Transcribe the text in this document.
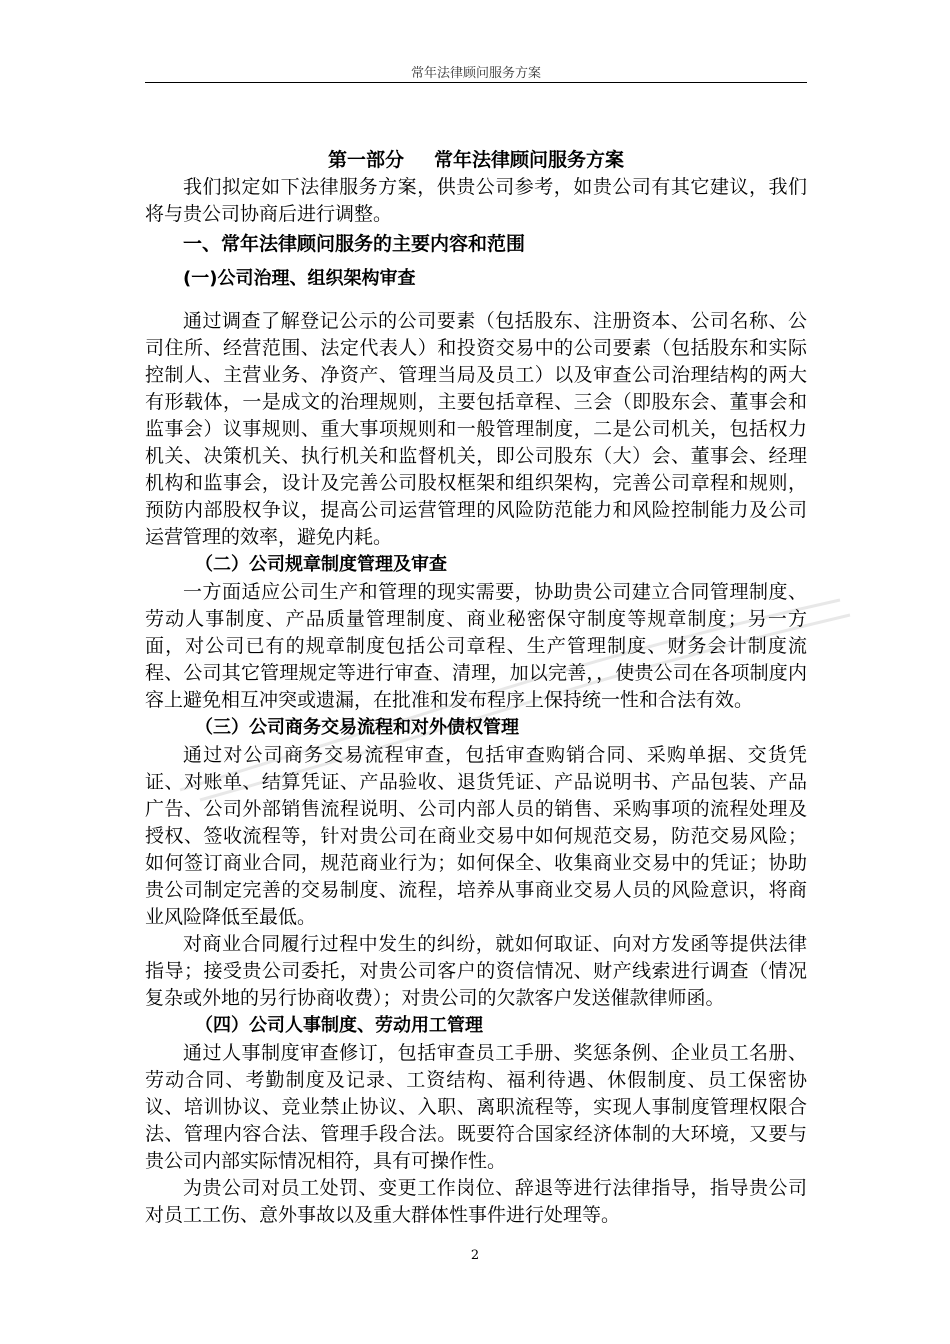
常年法律顾问服务方案

第一部分 常年法律顾问服务方案

我们拟定如下法律服务方案，供贵公司参考，如贵公司有其它建议，我们将与贵公司协商后进行调整。

一、常年法律顾问服务的主要内容和范围

(一)公司治理、组织架构审查

通过调查了解登记公示的公司要素（包括股东、注册资本、公司名称、公司住所、经营范围、法定代表人）和投资交易中的公司要素（包括股东和实际控制人、主营业务、净资产、管理当局及员工）以及审查公司治理结构的两大有形载体，一是成文的治理规则，主要包括章程、三会（即股东会、董事会和监事会）议事规则、重大事项规则和一般管理制度，二是公司机关，包括权力机关、决策机关、执行机关和监督机关，即公司股东（大）会、董事会、经理机构和监事会，设计及完善公司股权框架和组织架构，完善公司章程和规则，预防内部股权争议，提高公司运营管理的风险防范能力和风险控制能力及公司运营管理的效率，避免内耗。

（二）公司规章制度管理及审查

一方面适应公司生产和管理的现实需要，协助贵公司建立合同管理制度、劳动人事制度、产品质量管理制度、商业秘密保守制度等规章制度；另一方面，对公司已有的规章制度包括公司章程、生产管理制度、财务会计制度流程、公司其它管理规定等进行审查、清理，加以完善，，使贵公司在各项制度内容上避免相互冲突或遗漏，在批准和发布程序上保持统一性和合法有效。

（三）公司商务交易流程和对外债权管理

通过对公司商务交易流程审查，包括审查购销合同、采购单据、交货凭证、对账单、结算凭证、产品验收、退货凭证、产品说明书、产品包装、产品广告、公司外部销售流程说明、公司内部人员的销售、采购事项的流程处理及授权、签收流程等，针对贵公司在商业交易中如何规范交易，防范交易风险；如何签订商业合同，规范商业行为；如何保全、收集商业交易中的凭证；协助贵公司制定完善的交易制度、流程，培养从事商业交易人员的风险意识，将商业风险降低至最低。

对商业合同履行过程中发生的纠纷，就如何取证、向对方发函等提供法律指导；接受贵公司委托，对贵公司客户的资信情况、财产线索进行调查（情况复杂或外地的另行协商收费）；对贵公司的欠款客户发送催款律师函。

（四）公司人事制度、劳动用工管理

通过人事制度审查修订，包括审查员工手册、奖惩条例、企业员工名册、劳动合同、考勤制度及记录、工资结构、福利待遇、休假制度、员工保密协议、培训协议、竞业禁止协议、入职、离职流程等，实现人事制度管理权限合法、管理内容合法、管理手段合法。既要符合国家经济体制的大环境，又要与贵公司内部实际情况相符，具有可操作性。

为贵公司对员工处罚、变更工作岗位、辞退等进行法律指导，指导贵公司对员工工伤、意外事故以及重大群体性事件进行处理等。

2
